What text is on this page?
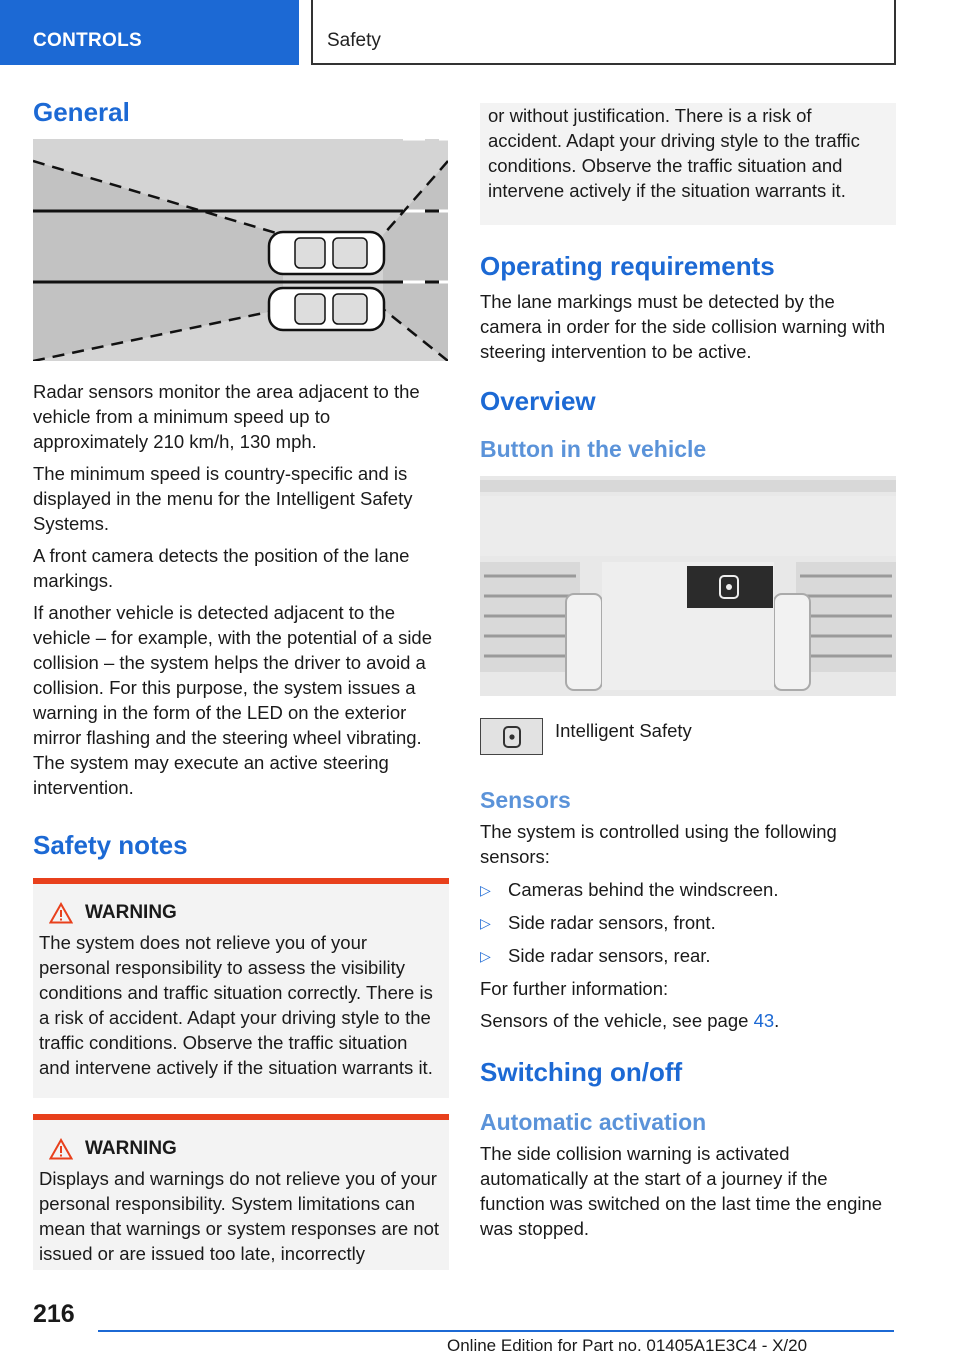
CONTROLS	Safety
General

Radar sensors monitor the area adjacent to the vehicle from a minimum speed up to approximately 210 km/h, 130 mph.

The minimum speed is country-specific and is displayed in the menu for the Intelligent Safety Systems.

A front camera detects the position of the lane markings.

If another vehicle is detected adjacent to the vehicle – for example, with the potential of a side collision – the system helps the driver to avoid a collision. For this purpose, the system issues a warning in the form of the LED on the exterior mirror flashing and the steering wheel vibrating. The system may execute an active steering intervention.

Safety notes
WARNING

The system does not relieve you of your personal responsibility to assess the visibility conditions and traffic situation correctly. There is a risk of accident. Adapt your driving style to the traffic conditions. Observe the traffic situation and intervene actively if the situation warrants it.

WARNING

Displays and warnings do not relieve you of your personal responsibility. System limitations can mean that warnings or system responses are not issued or are issued too late, incorrectly

or without justification. There is a risk of accident. Adapt your driving style to the traffic conditions. Observe the traffic situation and intervene actively if the situation warrants it.

Operating requirements

The lane markings must be detected by the camera in order for the side collision warning with steering intervention to be active.

Overview
Button in the vehicle
Intelligent Safety
Sensors

The system is controlled using the following sensors:

▷ Cameras behind the windscreen.
▷ Side radar sensors, front.
▷ Side radar sensors, rear.

For further information:

Sensors of the vehicle, see page 43.

Switching on/off
Automatic activation

The side collision warning is activated automatically at the start of a journey if the function was switched on the last time the engine was stopped.

216
Online Edition for Part no. 01405A1E3C4 - X/20
